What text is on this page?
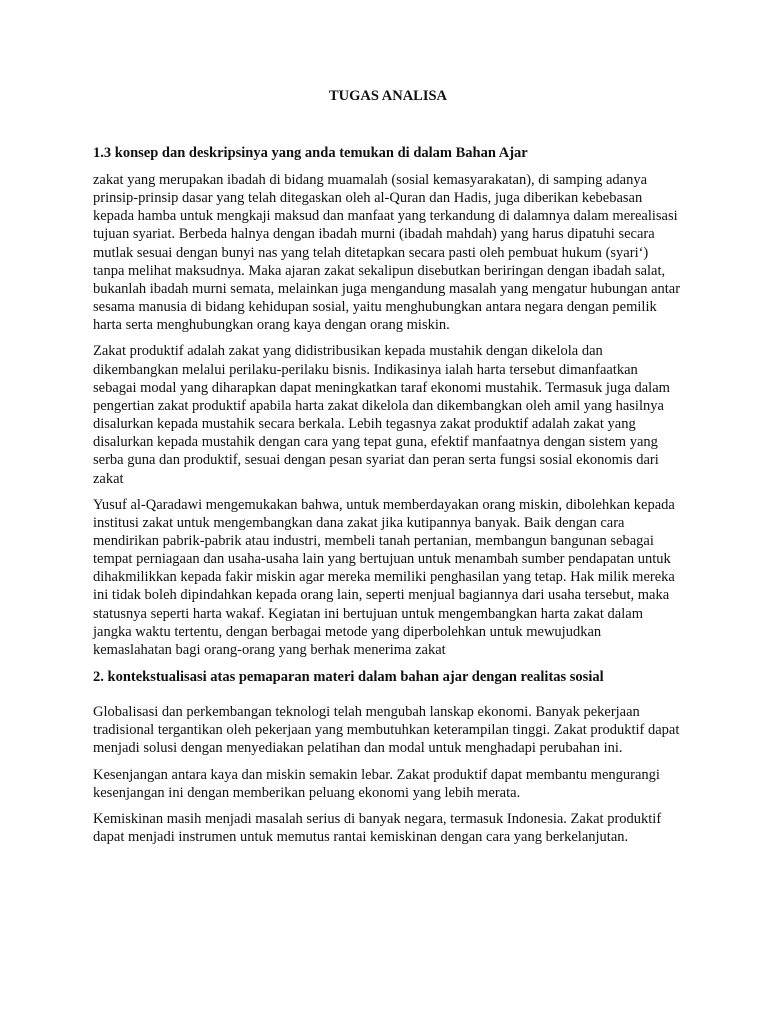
TUGAS ANALISA
1.3 konsep dan deskripsinya yang anda temukan di dalam Bahan Ajar

zakat yang merupakan ibadah di bidang muamalah (sosial kemasyarakatan), di samping adanya prinsip-prinsip dasar yang telah ditegaskan oleh al-Quran dan Hadis, juga diberikan kebebasan kepada hamba untuk mengkaji maksud dan manfaat yang terkandung di dalamnya dalam merealisasi tujuan syariat. Berbeda halnya dengan ibadah murni (ibadah mahdah) yang harus dipatuhi secara mutlak sesuai dengan bunyi nas yang telah ditetapkan secara pasti oleh pembuat hukum (syari‘) tanpa melihat maksudnya. Maka ajaran zakat sekalipun disebutkan beriringan dengan ibadah salat, bukanlah ibadah murni semata, melainkan juga mengandung masalah yang mengatur hubungan antar sesama manusia di bidang kehidupan sosial, yaitu menghubungkan antara negara dengan pemilik harta serta menghubungkan orang kaya dengan orang miskin.

Zakat produktif adalah zakat yang didistribusikan kepada mustahik dengan dikelola dan dikembangkan melalui perilaku-perilaku bisnis. Indikasinya ialah harta tersebut dimanfaatkan sebagai modal yang diharapkan dapat meningkatkan taraf ekonomi mustahik. Termasuk juga dalam pengertian zakat produktif apabila harta zakat dikelola dan dikembangkan oleh amil yang hasilnya disalurkan kepada mustahik secara berkala. Lebih tegasnya zakat produktif adalah zakat yang disalurkan kepada mustahik dengan cara yang tepat guna, efektif manfaatnya dengan sistem yang serba guna dan produktif, sesuai dengan pesan syariat dan peran serta fungsi sosial ekonomis dari zakat

Yusuf al-Qaradawi mengemukakan bahwa, untuk memberdayakan orang miskin, dibolehkan kepada institusi zakat untuk mengembangkan dana zakat jika kutipannya banyak. Baik dengan cara mendirikan pabrik-pabrik atau industri, membeli tanah pertanian, membangun bangunan sebagai tempat perniagaan dan usaha-usaha lain yang bertujuan untuk menambah sumber pendapatan untuk dihakmilikkan kepada fakir miskin agar mereka memiliki penghasilan yang tetap. Hak milik mereka ini tidak boleh dipindahkan kepada orang lain, seperti menjual bagiannya dari usaha tersebut, maka statusnya seperti harta wakaf. Kegiatan ini bertujuan untuk mengembangkan harta zakat dalam jangka waktu tertentu, dengan berbagai metode yang diperbolehkan untuk mewujudkan kemaslahatan bagi orang-orang yang berhak menerima zakat

2. kontekstualisasi atas pemaparan materi dalam bahan ajar dengan realitas sosial

Globalisasi dan perkembangan teknologi telah mengubah lanskap ekonomi. Banyak pekerjaan tradisional tergantikan oleh pekerjaan yang membutuhkan keterampilan tinggi. Zakat produktif dapat menjadi solusi dengan menyediakan pelatihan dan modal untuk menghadapi perubahan ini.

Kesenjangan antara kaya dan miskin semakin lebar. Zakat produktif dapat membantu mengurangi kesenjangan ini dengan memberikan peluang ekonomi yang lebih merata.

Kemiskinan masih menjadi masalah serius di banyak negara, termasuk Indonesia. Zakat produktif dapat menjadi instrumen untuk memutus rantai kemiskinan dengan cara yang berkelanjutan.
